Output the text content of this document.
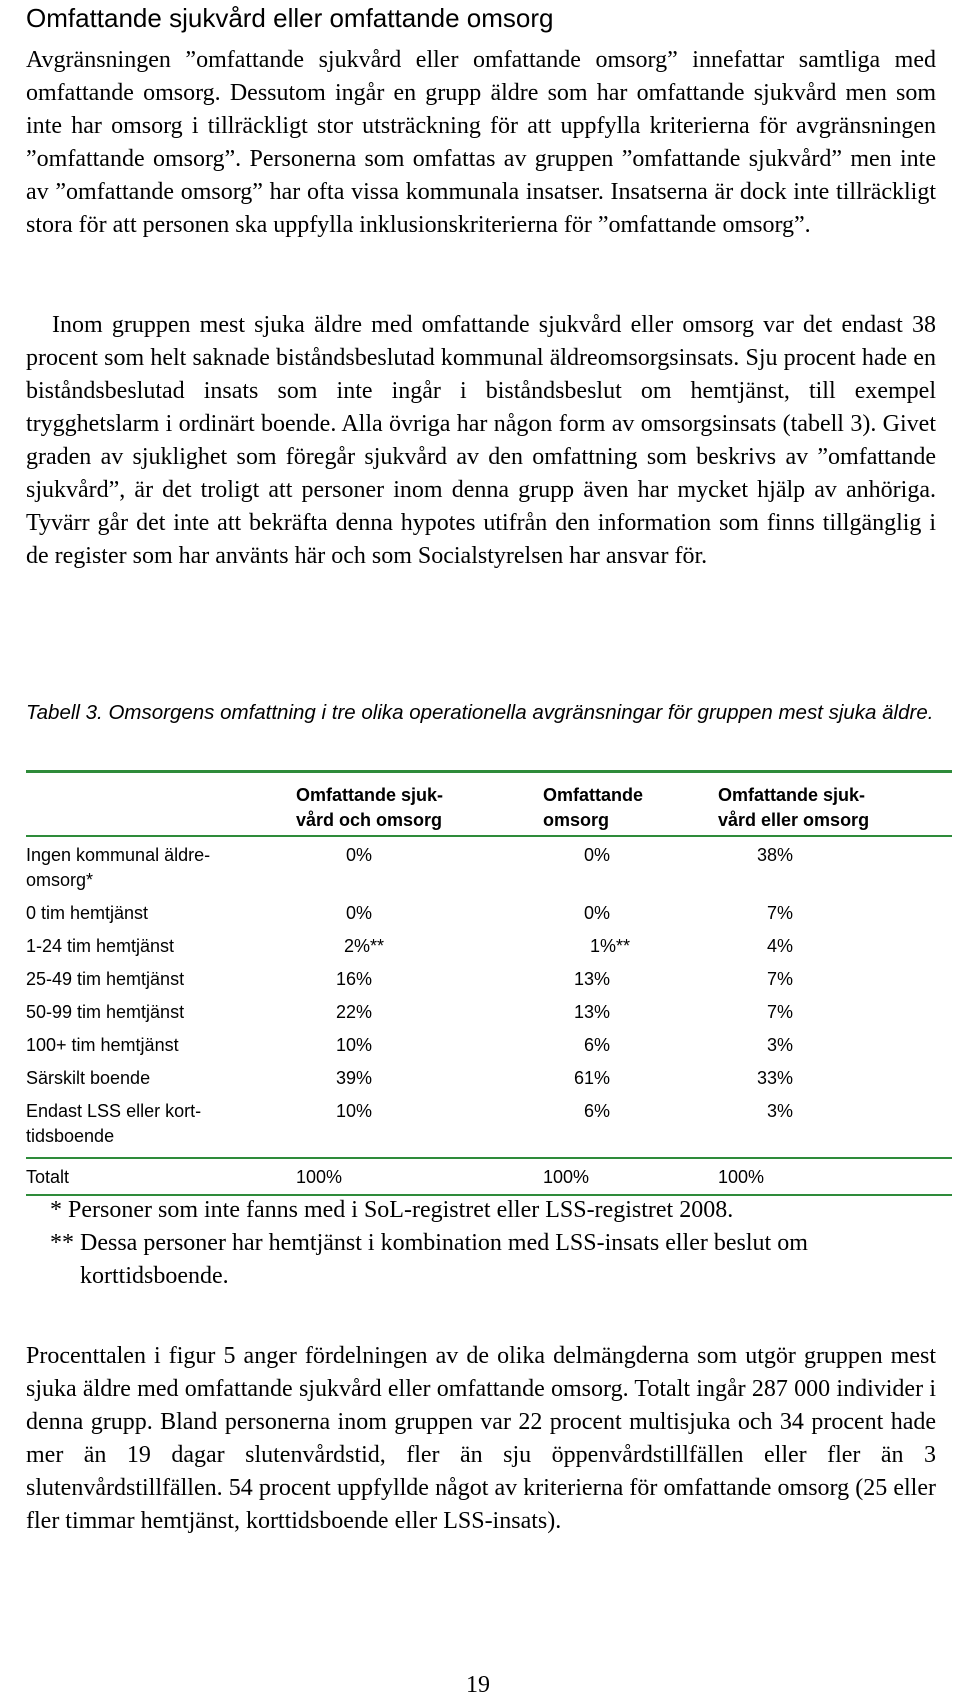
Omfattande sjukvård eller omfattande omsorg

Avgränsningen ”omfattande sjukvård eller omfattande omsorg” innefattar samtliga med omfattande omsorg. Dessutom ingår en grupp äldre som har omfattande sjukvård men som inte har omsorg i tillräckligt stor utsträckning för att uppfylla kriterierna för avgränsningen ”omfattande omsorg”. Personerna som omfattas av gruppen ”omfattande sjukvård” men inte av ”omfattande omsorg” har ofta vissa kommunala insatser. Insatserna är dock inte tillräckligt stora för att personen ska uppfylla inklusionskriterierna för ”omfattande omsorg”.

Inom gruppen mest sjuka äldre med omfattande sjukvård eller omsorg var det endast 38 procent som helt saknade biståndsbeslutad kommunal äldreomsorgsinsats. Sju procent hade en biståndsbeslutad insats som inte ingår i biståndsbeslut om hemtjänst, till exempel trygghetslarm i ordinärt boende. Alla övriga har någon form av omsorgsinsats (tabell 3). Givet graden av sjuklighet som föregår sjukvård av den omfattning som beskrivs av ”omfattande sjukvård”, är det troligt att personer inom denna grupp även har mycket hjälp av anhöriga. Tyvärr går det inte att bekräfta denna hypotes utifrån den information som finns tillgänglig i de register som har använts här och som Socialstyrelsen har ansvar för.

Tabell 3. Omsorgens omfattning i tre olika operationella avgränsningar för gruppen mest sjuka äldre.

	Omfattande sjuk-vård och omsorg	Omfattande omsorg	Omfattande sjuk-vård eller omsorg
Ingen kommunal äldre-omsorg*	0%	0%	38%
0 tim hemtjänst	0%	0%	7%
1-24 tim hemtjänst	2%**	1%**	4%
25-49 tim hemtjänst	16%	13%	7%
50-99 tim hemtjänst	22%	13%	7%
100+ tim hemtjänst	10%	6%	3%
Särskilt boende	39%	61%	33%
Endast LSS eller kort-tidsboende	10%	6%	3%
Totalt	100%	100%	100%

* Personer som inte fanns med i SoL-registret eller LSS-registret 2008.

** Dessa personer har hemtjänst i kombination med LSS-insats eller beslut om korttidsboende.

Procenttalen i figur 5 anger fördelningen av de olika delmängderna som utgör gruppen mest sjuka äldre med omfattande sjukvård eller omfattande omsorg. Totalt ingår 287 000 individer i denna grupp. Bland personerna inom gruppen var 22 procent multisjuka och 34 procent hade mer än 19 dagar slutenvårdstid, fler än sju öppenvårdstillfällen eller fler än 3 slutenvårdstillfällen. 54 procent uppfyllde något av kriterierna för omfattande omsorg (25 eller fler timmar hemtjänst, korttidsboende eller LSS-insats).

19
